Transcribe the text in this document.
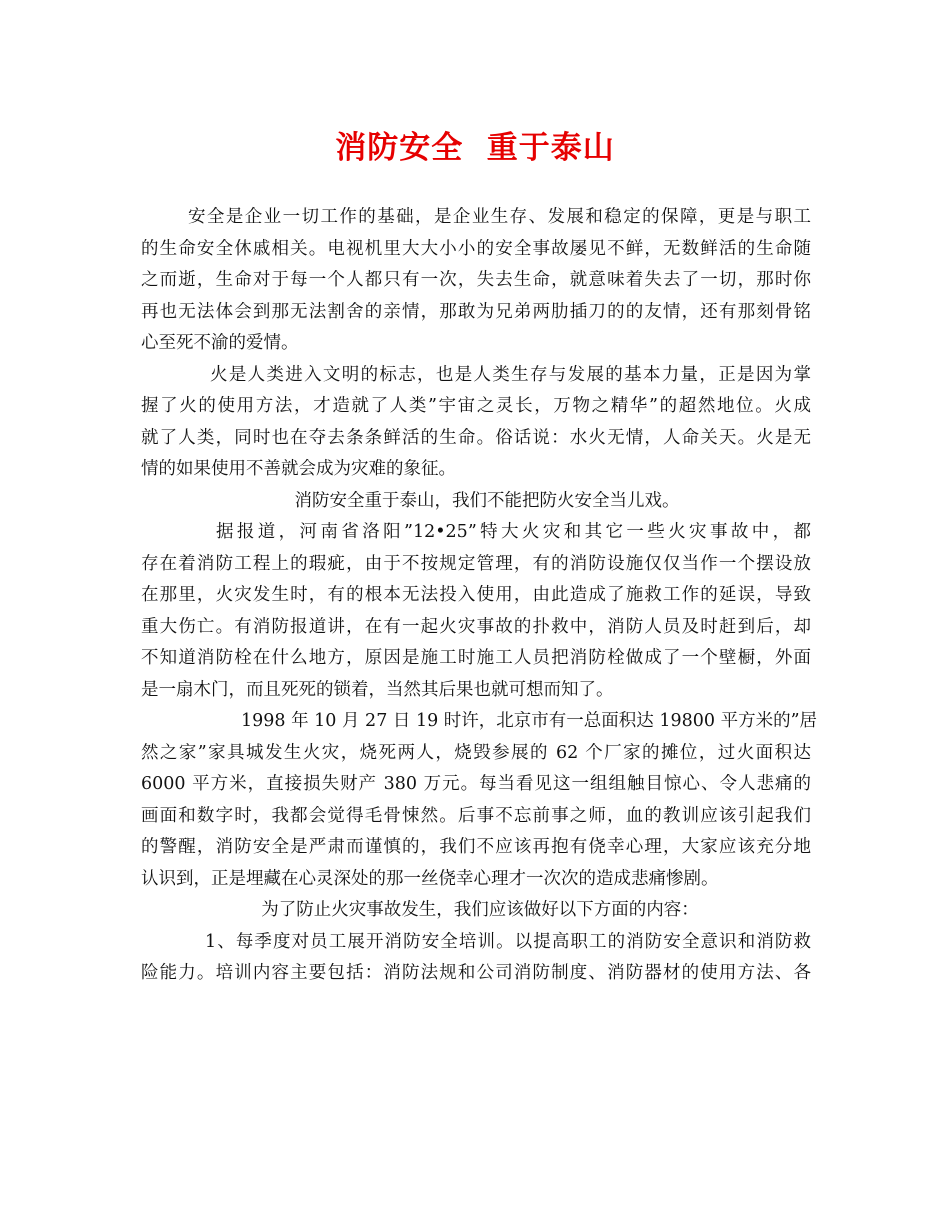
消防安全  重于泰山
安全是企业一切工作的基础，是企业生存、发展和稳定的保障，更是与职工
的生命安全休戚相关。电视机里大大小小的安全事故屡见不鲜，无数鲜活的生命随
之而逝，生命对于每一个人都只有一次，失去生命，就意味着失去了一切，那时你
再也无法体会到那无法割舍的亲情，那敢为兄弟两肋插刀的的友情，还有那刻骨铭
心至死不渝的爱情。
火是人类进入文明的标志，也是人类生存与发展的基本力量，正是因为掌
握了火的使用方法，才造就了人类”宇宙之灵长，万物之精华”的超然地位。火成
就了人类，同时也在夺去条条鲜活的生命。俗话说：水火无情，人命关天。火是无
情的如果使用不善就会成为灾难的象征。
消防安全重于泰山，我们不能把防火安全当儿戏。
据报道，河南省洛阳”12•25”特大火灾和其它一些火灾事故中，都
存在着消防工程上的瑕疵，由于不按规定管理，有的消防设施仅仅当作一个摆设放
在那里，火灾发生时，有的根本无法投入使用，由此造成了施救工作的延误，导致
重大伤亡。有消防报道讲，在有一起火灾事故的扑救中，消防人员及时赶到后，却
不知道消防栓在什么地方，原因是施工时施工人员把消防栓做成了一个壁橱，外面
是一扇木门，而且死死的锁着，当然其后果也就可想而知了。
1998 年 10 月 27 日 19 时许，北京市有一总面积达 19800 平方米的”居
然之家”家具城发生火灾，烧死两人，烧毁参展的 62 个厂家的摊位，过火面积达
6000 平方米，直接损失财产 380 万元。每当看见这一组组触目惊心、令人悲痛的
画面和数字时，我都会觉得毛骨悚然。后事不忘前事之师，血的教训应该引起我们
的警醒，消防安全是严肃而谨慎的，我们不应该再抱有侥幸心理，大家应该充分地
认识到，正是埋藏在心灵深处的那一丝侥幸心理才一次次的造成悲痛惨剧。
为了防止火灾事故发生，我们应该做好以下方面的内容：
1、每季度对员工展开消防安全培训。以提高职工的消防安全意识和消防救
险能力。培训内容主要包括：消防法规和公司消防制度、消防器材的使用方法、各
